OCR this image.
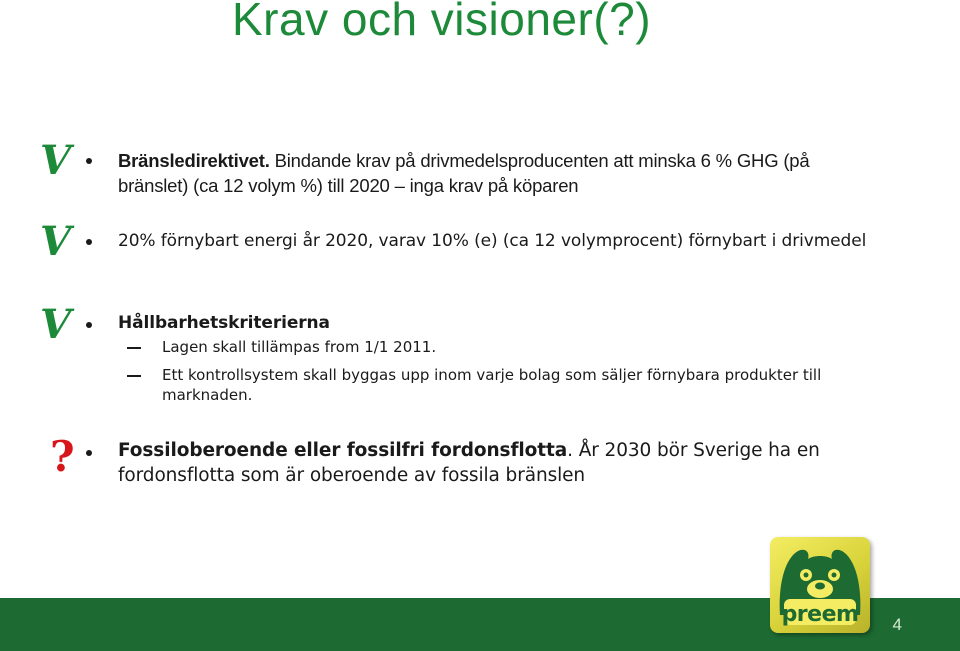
Krav och visioner(?)
V	Bränsledirektivet. Bindande krav på drivmedelsproducenten att minska 6 % GHG (på bränslet) (ca 12 volym %) till 2020 – inga krav på köparen
V	20% förnybart energi år 2020, varav 10% (e) (ca 12 volymprocent) förnybart i drivmedel
V	Hållbarhetskriterierna
Lagen skall tillämpas from 1/1 2011.
Ett kontrollsystem skall byggas upp inom varje bolag som säljer förnybara produkter till marknaden.
? Fossiloberoende eller fossilfri fordonsflotta. År 2030 bör Sverige ha en fordonsflotta som är oberoende av fossila bränslen
4
preem
